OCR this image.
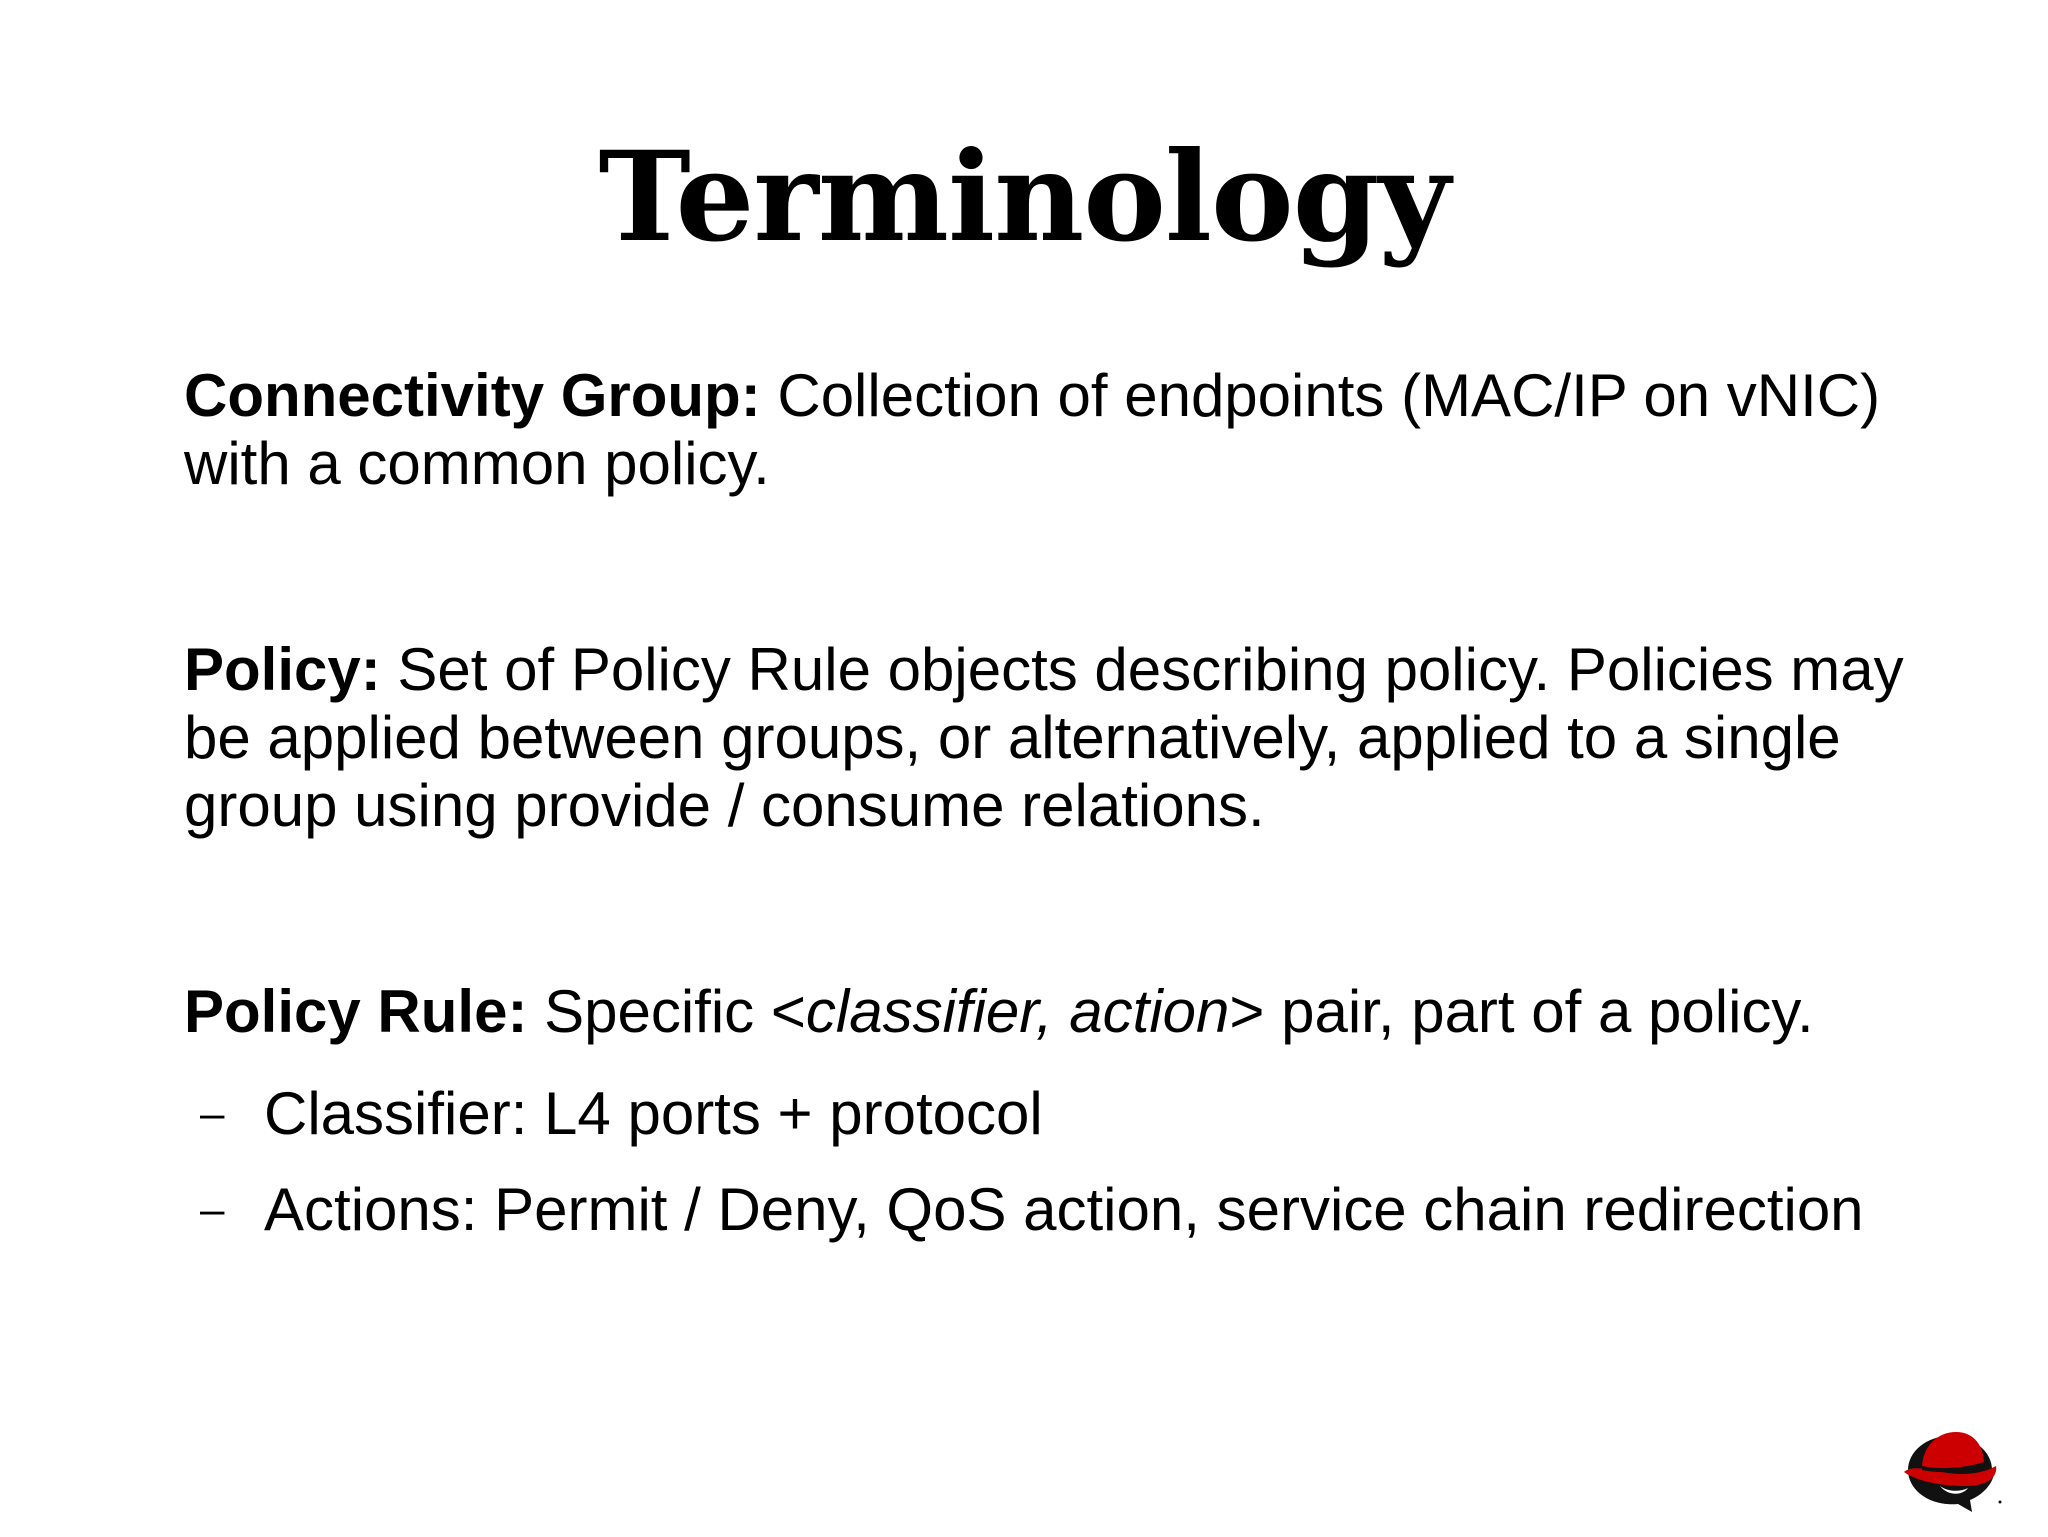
Terminology

Connectivity Group: Collection of endpoints (MAC/IP on vNIC) with a common policy.

Policy: Set of Policy Rule objects describing policy. Policies may be applied between groups, or alternatively, applied to a single group using provide / consume relations.

Policy Rule: Specific <classifier, action> pair, part of a policy.

– Classifier: L4 ports + protocol

– Actions: Permit / Deny, QoS action, service chain redirection
